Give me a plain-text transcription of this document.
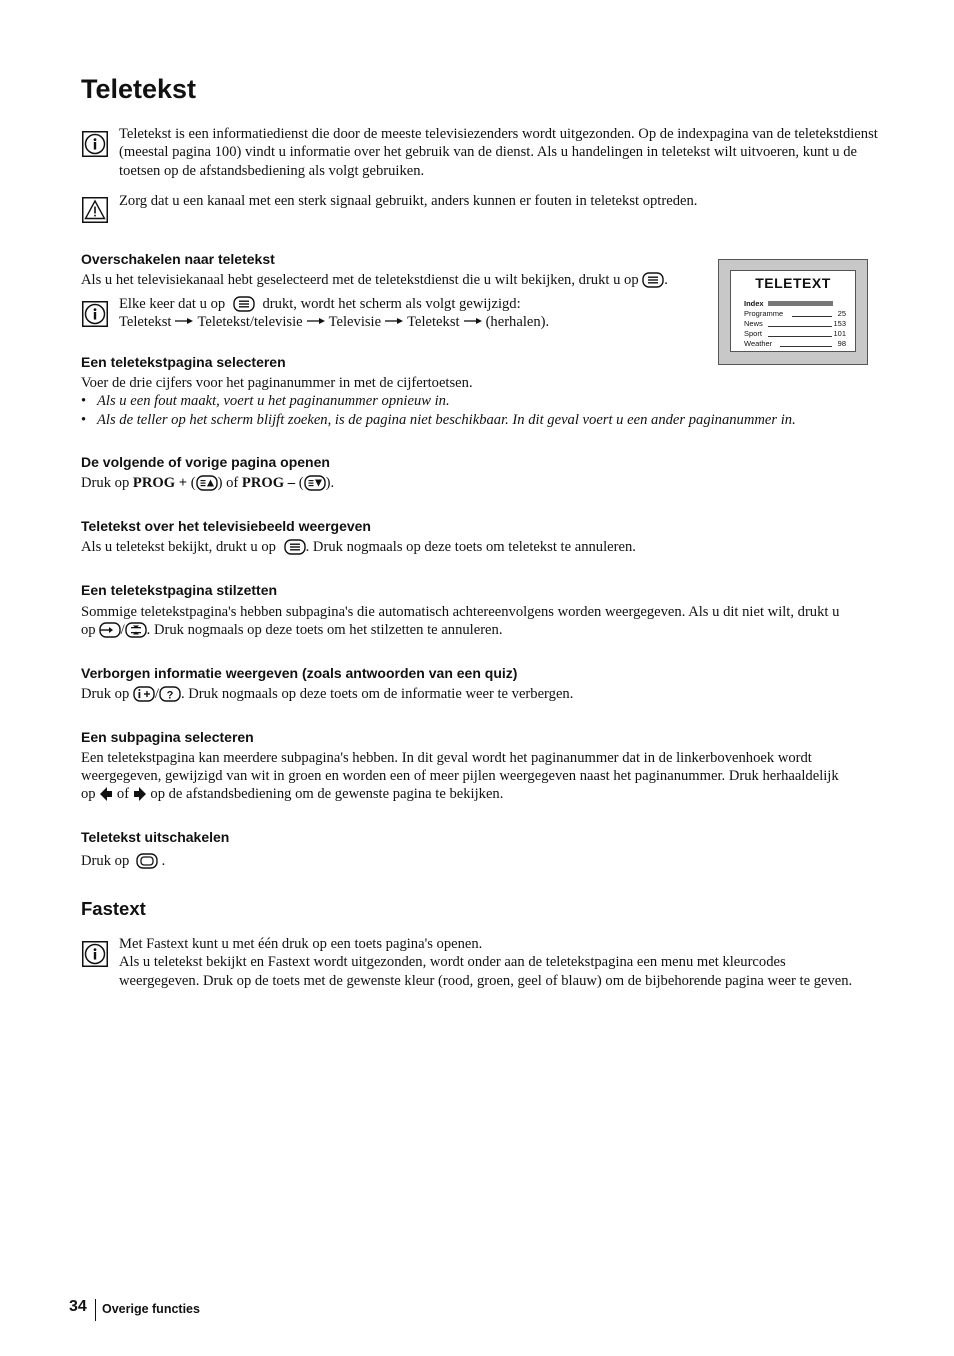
Teletekst

Teletekst is een informatiedienst die door de meeste televisiezenders wordt uitgezonden. Op de indexpagina van de teletekstdienst (meestal pagina 100) vindt u informatie over het gebruik van de dienst. Als u handelingen in teletekst wilt uitvoeren, kunt u de toetsen op de afstandsbediening als volgt gebruiken.

Zorg dat u een kanaal met een sterk signaal gebruikt, anders kunnen er fouten in teletekst optreden.

Overschakelen naar teletekst

Als u het televisiekanaal hebt geselecteerd met de teletekstdienst die u wilt bekijken, drukt u op .

Elke keer dat u op	drukt, wordt het scherm als volgt gewijzigd:

Teletekst Teletekst/televisie Televisie Teletekst (herhalen).

TELETEXT
Index
Programme	25
News	153
Sport	101
Weather	98

Een teletekstpagina selecteren

Voer de drie cijfers voor het paginanummer in met de cijfertoetsen.

• Als u een fout maakt, voert u het paginanummer opnieuw in.

• Als de teller op het scherm blijft zoeken, is de pagina niet beschikbaar. In dit geval voert u een ander paginanummer in.

De volgende of vorige pagina openen

Druk op PROG + ( ) of PROG – ( ).

Teletekst over het televisiebeeld weergeven

Als u teletekst bekijkt, drukt u op . Druk nogmaals op deze toets om teletekst te annuleren.

Een teletekstpagina stilzetten

Sommige teletekstpagina's hebben subpagina's die automatisch achtereenvolgens worden weergegeven. Als u dit niet wilt, drukt u

op / . Druk nogmaals op deze toets om het stilzetten te annuleren.

Verborgen informatie weergeven (zoals antwoorden van een quiz)

Druk op / ? . Druk nogmaals op deze toets om de informatie weer te verbergen.

Een subpagina selecteren

Een teletekstpagina kan meerdere subpagina's hebben. In dit geval wordt het paginanummer dat in de linkerbovenhoek wordt

weergegeven, gewijzigd van wit in groen en worden een of meer pijlen weergegeven naast het paginanummer. Druk herhaaldelijk

op of op de afstandsbediening om de gewenste pagina te bekijken.

Teletekst uitschakelen

Druk op .

Fastext

Met Fastext kunt u met één druk op een toets pagina's openen.

Als u teletekst bekijkt en Fastext wordt uitgezonden, wordt onder aan de teletekstpagina een menu met kleurcodes

weergegeven. Druk op de toets met de gewenste kleur (rood, groen, geel of blauw) om de bijbehorende pagina weer te geven.

34 Overige functies
